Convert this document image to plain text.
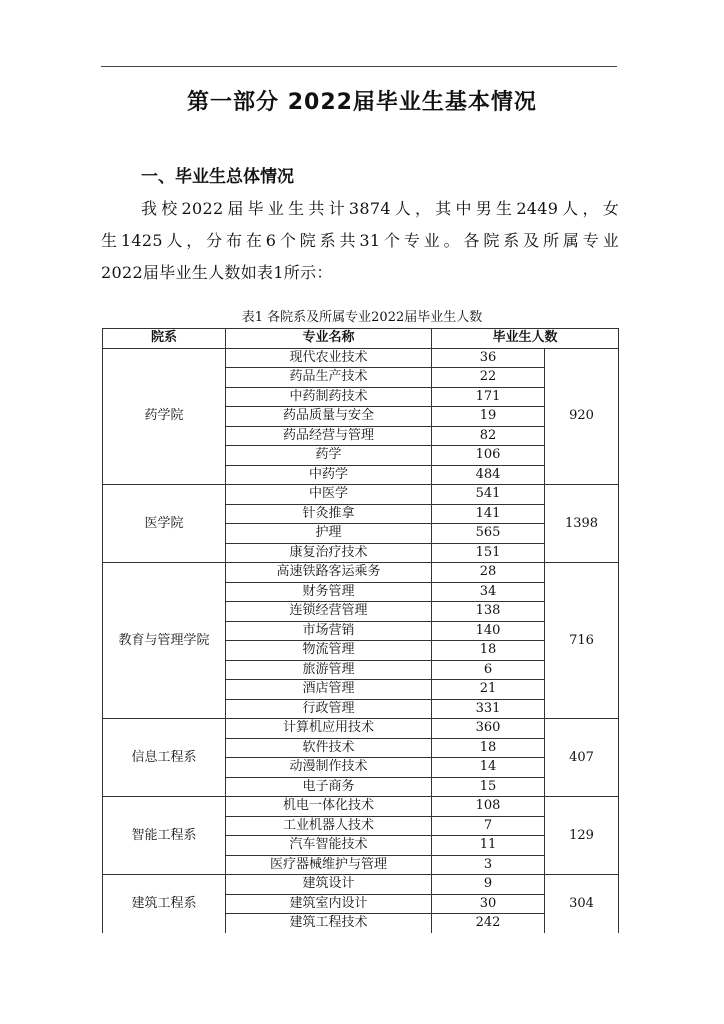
第一部分 2022届毕业生基本情况
一、毕业生总体情况

我校2022届毕业生共计3874人，其中男生2449人，女
生1425人，分布在6个院系共31个专业。各院系及所属专业
2022届毕业生人数如表1所示：

表1 各院系及所属专业2022届毕业生人数
院系	专业名称	毕业生人数	
药学院	现代农业技术	36	920
	药品生产技术	22	
	中药制药技术	171	
	药品质量与安全	19	
	药品经营与管理	82	
	药学	106	
	中药学	484	
医学院	中医学	541	1398
	针灸推拿	141	
	护理	565	
	康复治疗技术	151	
教育与管理学院	高速铁路客运乘务	28	716
	财务管理	34	
	连锁经营管理	138	
	市场营销	140	
	物流管理	18	
	旅游管理	6	
	酒店管理	21	
	行政管理	331	
信息工程系	计算机应用技术	360	407
	软件技术	18	
	动漫制作技术	14	
	电子商务	15	
智能工程系	机电一体化技术	108	129
	工业机器人技术	7	
	汽车智能技术	11	
	医疗器械维护与管理	3	
建筑工程系	建筑设计	9	304
	建筑室内设计	30	
	建筑工程技术	242	
